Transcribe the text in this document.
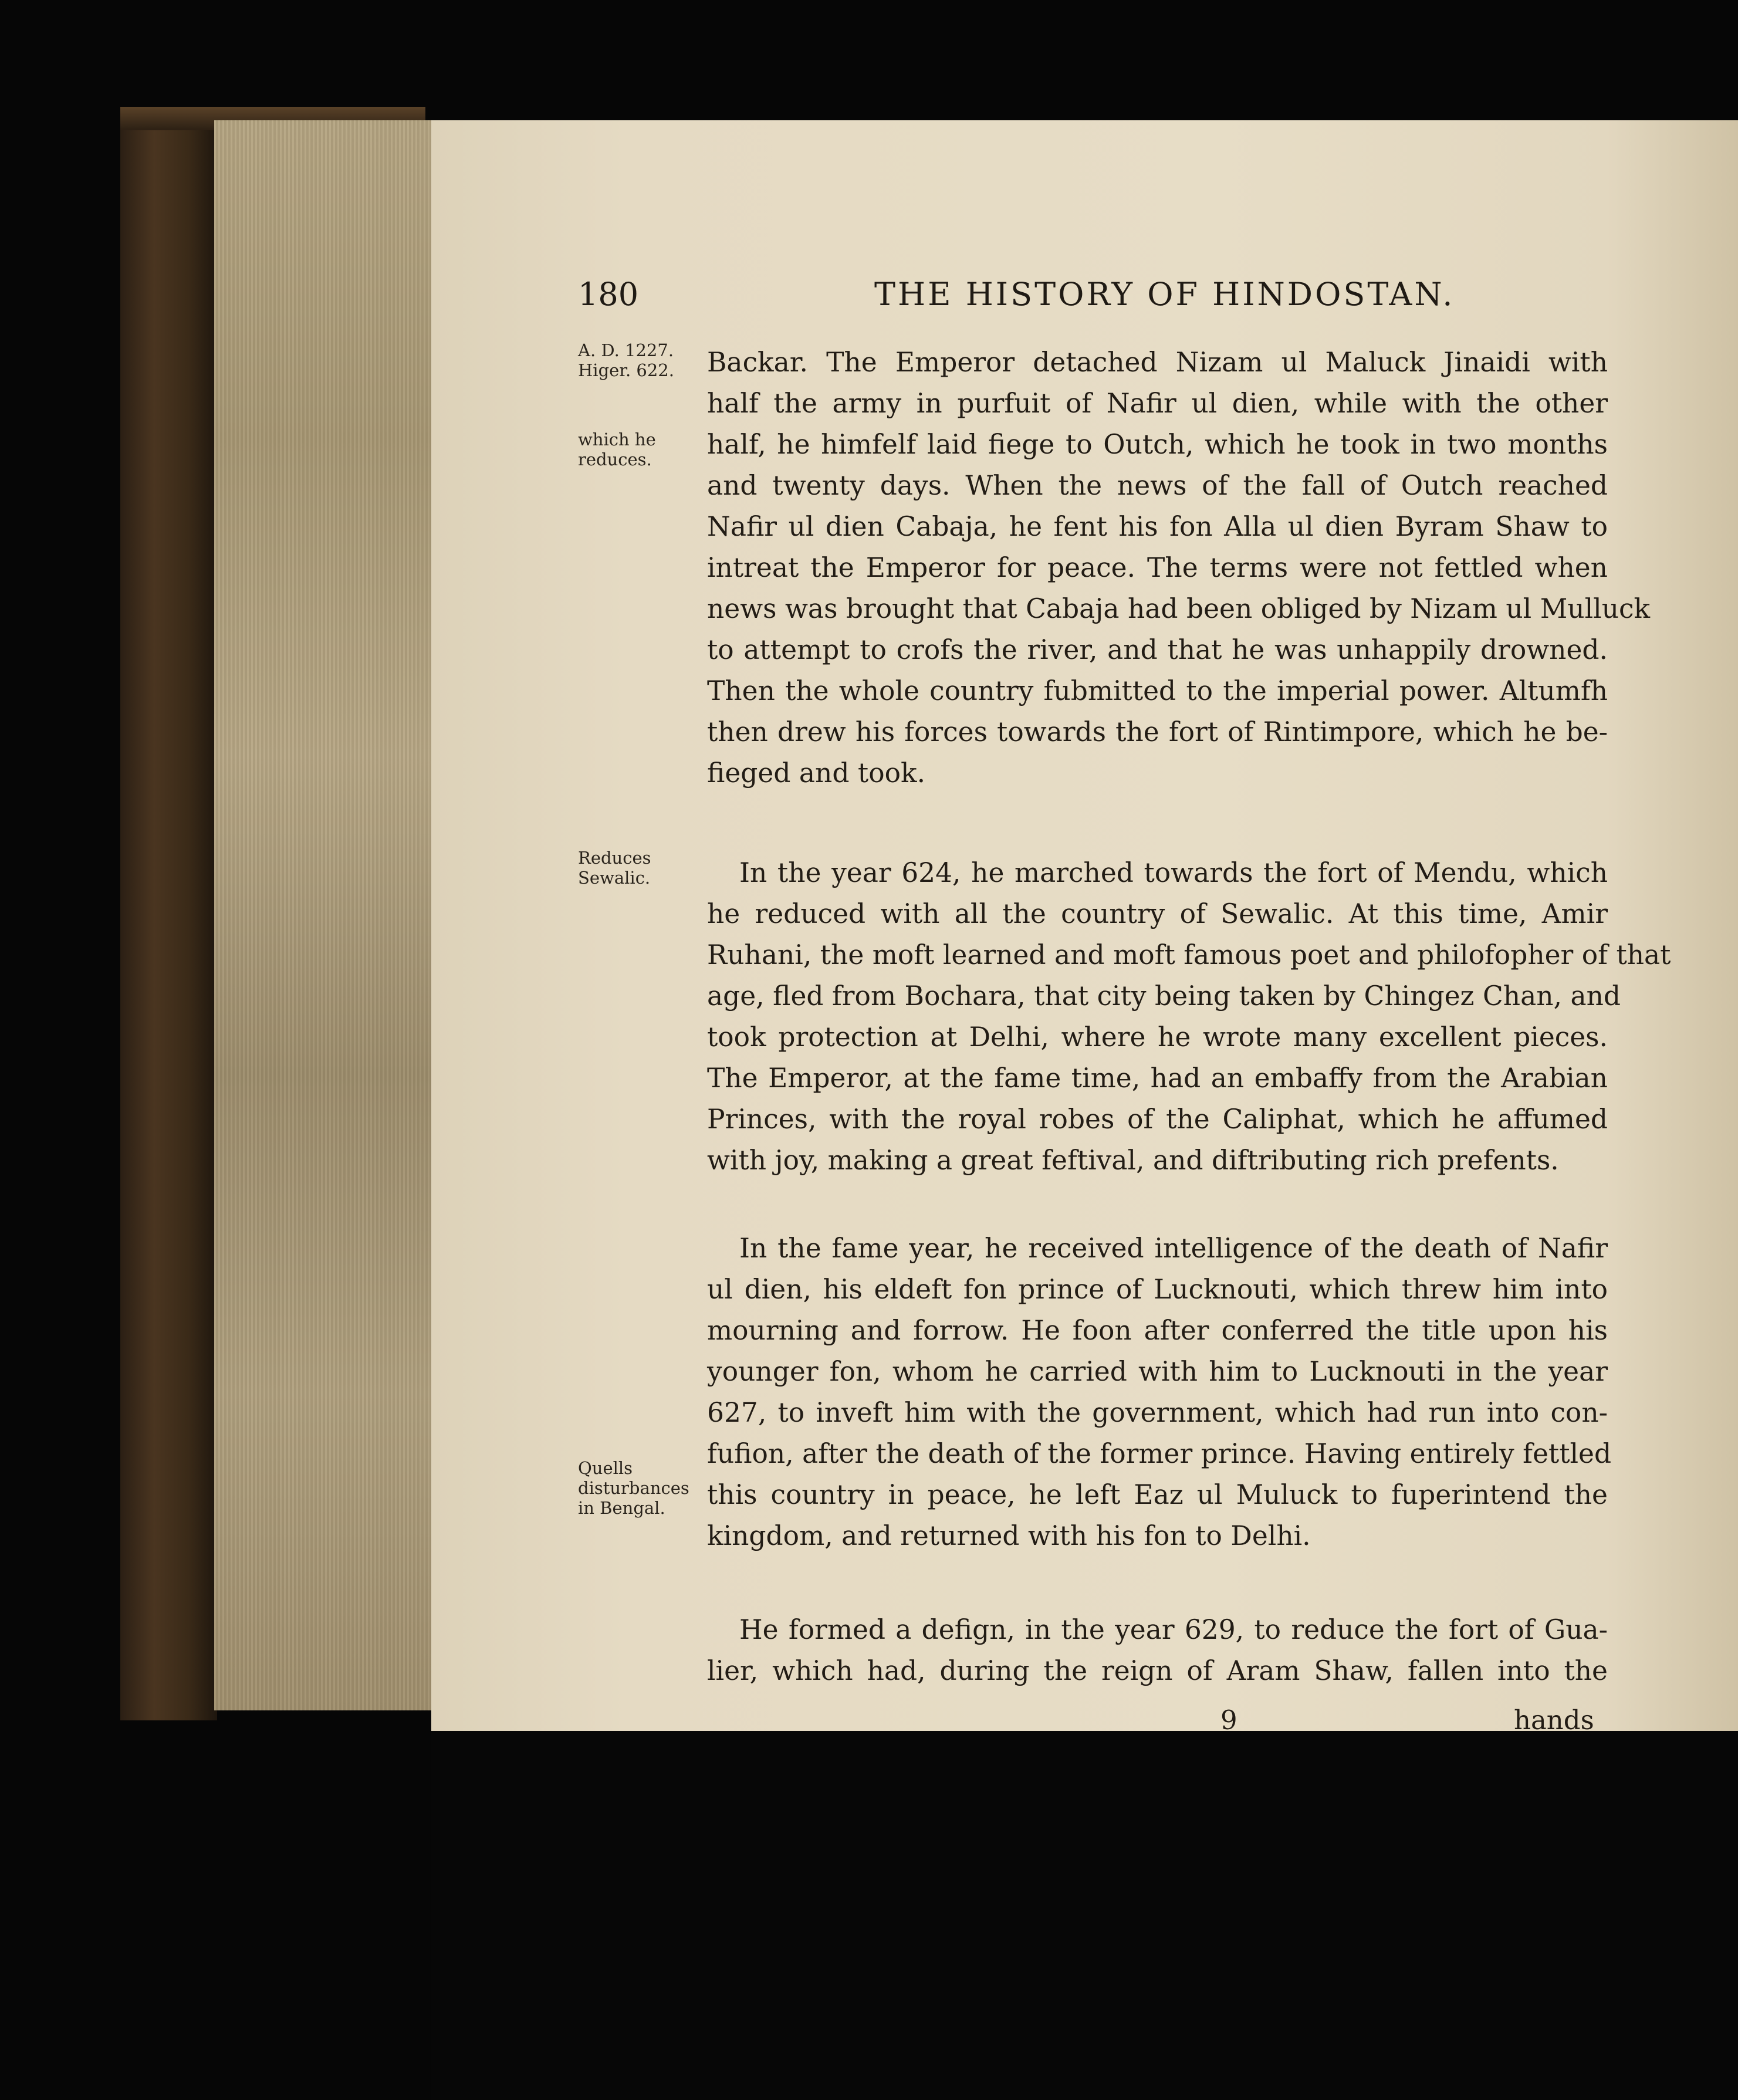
180	THE HISTORY OF HINDOSTAN.
A. D. 1227. Higer. 622.
which he reduces.
Reduces Sewalic.
Quells disturbances in Bengal.

Backar. The Emperor detached Nizam ul Maluck Jinaidi with

half the army in purfuit of Nafir ul dien, while with the other

half, he himfelf laid fiege to Outch, which he took in two months

and twenty days. When the news of the fall of Outch reached

Nafir ul dien Cabaja, he fent his fon Alla ul dien Byram Shaw to

intreat the Emperor for peace. The terms were not fettled when

news was brought that Cabaja had been obliged by Nizam ul Mulluck

to attempt to crofs the river, and that he was unhappily drowned.

Then the whole country fubmitted to the imperial power. Altumfh

then drew his forces towards the fort of Rintimpore, which he be-

fieged and took.

In the year 624, he marched towards the fort of Mendu, which

he reduced with all the country of Sewalic. At this time, Amir

Ruhani, the moft learned and moft famous poet and philofopher of that

age, fled from Bochara, that city being taken by Chingez Chan, and

took protection at Delhi, where he wrote many excellent pieces.

The Emperor, at the fame time, had an embaffy from the Arabian

Princes, with the royal robes of the Caliphat, which he affumed

with joy, making a great feftival, and diftributing rich prefents.

In the fame year, he received intelligence of the death of Nafir

ul dien, his eldeft fon prince of Lucknouti, which threw him into

mourning and forrow. He foon after conferred the title upon his

younger fon, whom he carried with him to Lucknouti in the year

627, to inveft him with the government, which had run into con-

fufion, after the death of the former prince. Having entirely fettled

this country in peace, he left Eaz ul Muluck to fuperintend the

kingdom, and returned with his fon to Delhi.

He formed a defign, in the year 629, to reduce the fort of Gua-

lier, which had, during the reign of Aram Shaw, fallen into the

9	hands
